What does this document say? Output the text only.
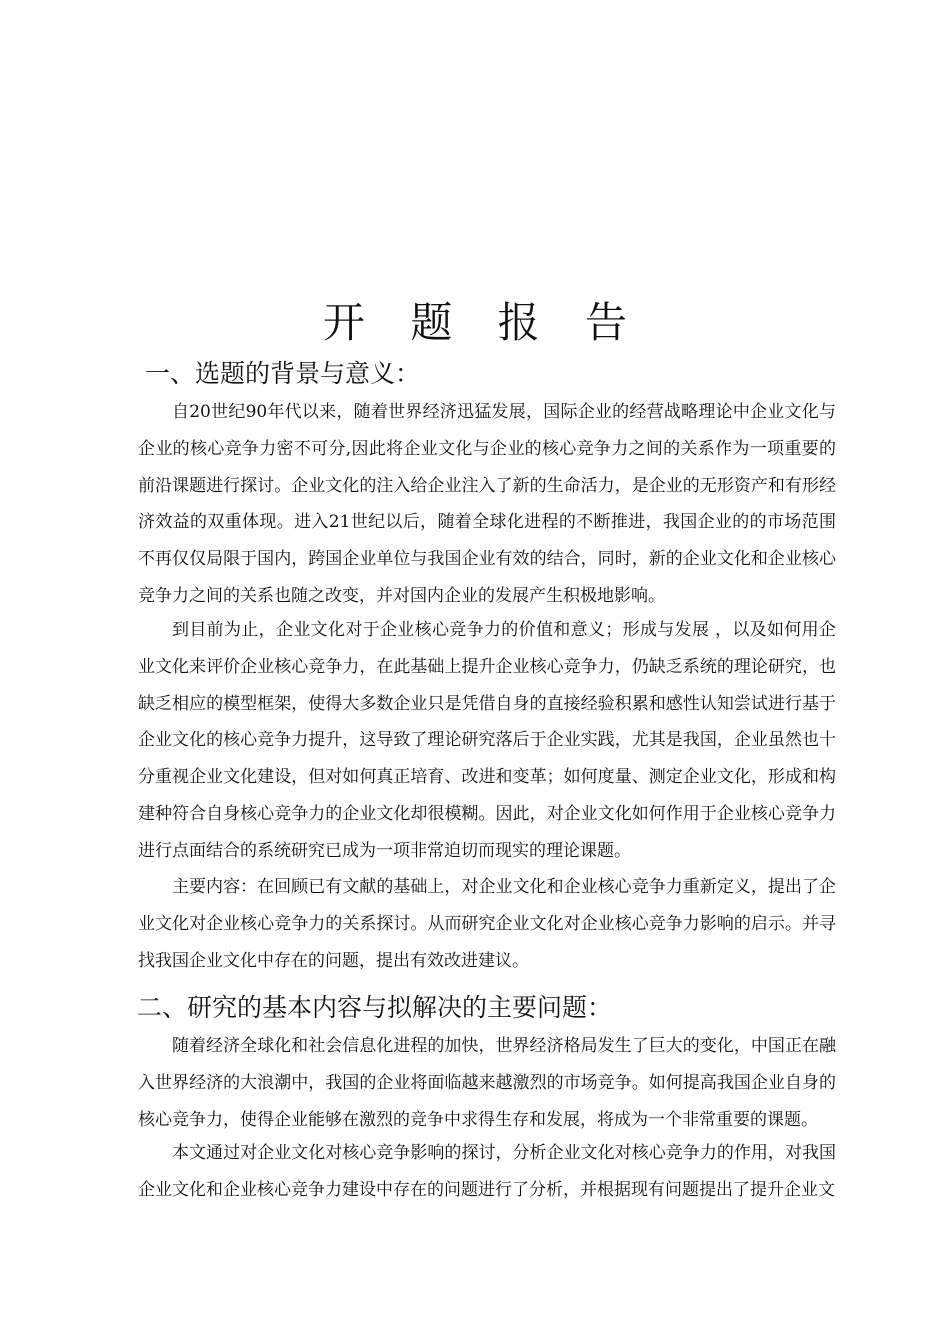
开 题 报 告
一、选题的背景与意义：

自20世纪90年代以来，随着世界经济迅猛发展，国际企业的经营战略理论中企业文化与企业的核心竞争力密不可分,因此将企业文化与企业的核心竞争力之间的关系作为一项重要的前沿课题进行探讨。企业文化的注入给企业注入了新的生命活力，是企业的无形资产和有形经济效益的双重体现。进入21世纪以后，随着全球化进程的不断推进，我国企业的的市场范围不再仅仅局限于国内，跨国企业单位与我国企业有效的结合，同时，新的企业文化和企业核心竞争力之间的关系也随之改变，并对国内企业的发展产生积极地影响。

到目前为止，企业文化对于企业核心竞争力的价值和意义；形成与发展 ，以及如何用企业文化来评价企业核心竞争力，在此基础上提升企业核心竞争力，仍缺乏系统的理论研究，也缺乏相应的模型框架，使得大多数企业只是凭借自身的直接经验积累和感性认知尝试进行基于企业文化的核心竞争力提升，这导致了理论研究落后于企业实践，尤其是我国，企业虽然也十分重视企业文化建设，但对如何真正培育、改进和变革；如何度量、测定企业文化，形成和构建种符合自身核心竞争力的企业文化却很模糊。因此，对企业文化如何作用于企业核心竞争力进行点面结合的系统研究已成为一项非常迫切而现实的理论课题。

主要内容：在回顾已有文献的基础上，对企业文化和企业核心竞争力重新定义，提出了企业文化对企业核心竞争力的关系探讨。从而研究企业文化对企业核心竞争力影响的启示。并寻找我国企业文化中存在的问题，提出有效改进建议。

二、研究的基本内容与拟解决的主要问题：

随着经济全球化和社会信息化进程的加快，世界经济格局发生了巨大的变化，中国正在融入世界经济的大浪潮中，我国的企业将面临越来越激烈的市场竞争。如何提高我国企业自身的核心竞争力，使得企业能够在激烈的竞争中求得生存和发展，将成为一个非常重要的课题。

本文通过对企业文化对核心竞争影响的探讨，分析企业文化对核心竞争力的作用，对我国企业文化和企业核心竞争力建设中存在的问题进行了分析，并根据现有问题提出了提升企业文
